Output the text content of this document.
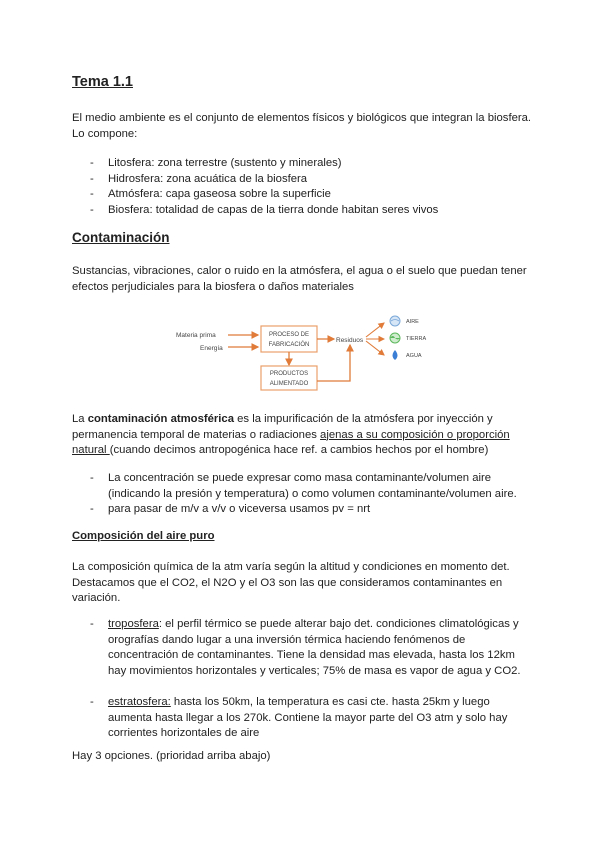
Tema 1.1

El medio ambiente es el conjunto de elementos físicos y biológicos que integran la biosfera.

Lo compone:

- Litosfera: zona terrestre (sustento y minerales)
- Hidrosfera: zona acuática de la biosfera
- Atmósfera: capa gaseosa sobre la superficie
- Biosfera: totalidad de capas de la tierra donde habitan seres vivos
Contaminación

Sustancias, vibraciones, calor o ruido en la atmósfera, el agua o el suelo que puedan tener

efectos perjudiciales para la biosfera o daños materiales

Materia prima
Energía
PROCESO DE
FABRICACIÓN
Residuos
PRODUCTOS
ALIMENTADO
AIRE
TIERRA
AGUA

La contaminación atmosférica es la impurificación de la atmósfera por inyección y

permanencia temporal de materias o radiaciones ajenas a su composición o proporción

natural (cuando decimos antropogénica hace ref. a cambios hechos por el hombre)

- La concentración se puede expresar como masa contaminante/volumen aire
(indicando la presión y temperatura) o como volumen contaminante/volumen aire.
- para pasar de m/v a v/v o viceversa usamos pv = nrt
Composición del aire puro

La composición química de la atm varía según la altitud y condiciones en momento det.

Destacamos que el CO2, el N2O y el O3 son las que consideramos contaminantes en

variación.

- troposfera: el perfil térmico se puede alterar bajo det. condiciones climatológicas y
orografías dando lugar a una inversión térmica haciendo fenómenos de
concentración de contaminantes. Tiene la densidad mas elevada, hasta los 12km
hay movimientos horizontales y verticales; 75% de masa es vapor de agua y CO2.
- estratosfera: hasta los 50km, la temperatura es casi cte. hasta 25km y luego
aumenta hasta llegar a los 270k. Contiene la mayor parte del O3 atm y solo hay
corrientes horizontales de aire

Hay 3 opciones. (prioridad arriba abajo)
